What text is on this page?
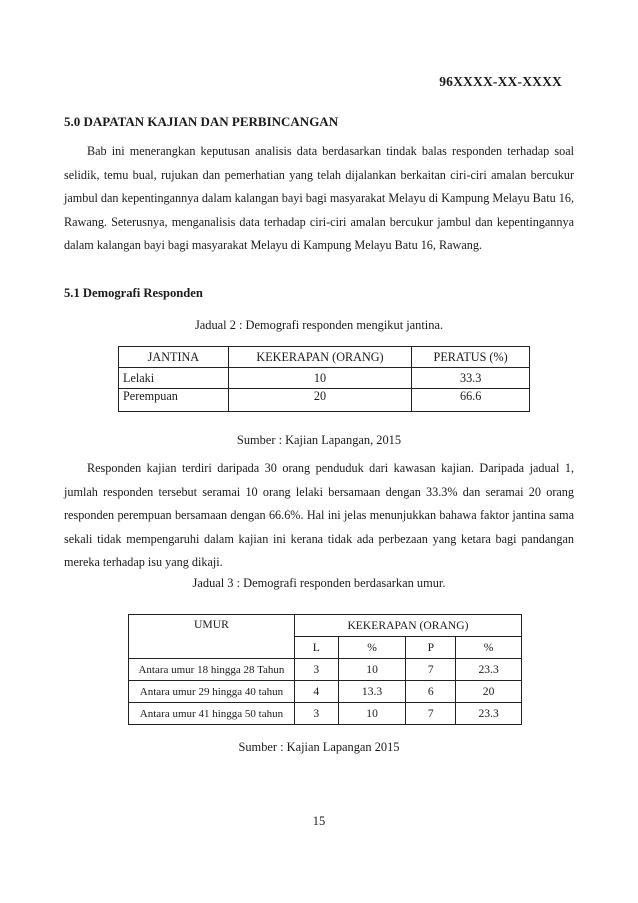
96XXXX-XX-XXXX
5.0 DAPATAN KAJIAN DAN PERBINCANGAN

Bab ini menerangkan keputusan analisis data berdasarkan tindak balas responden terhadap soal selidik, temu bual, rujukan dan pemerhatian yang telah dijalankan berkaitan ciri-ciri amalan bercukur jambul dan kepentingannya dalam kalangan bayi bagi masyarakat Melayu di Kampung Melayu Batu 16, Rawang. Seterusnya, menganalisis data terhadap ciri-ciri amalan bercukur jambul dan kepentingannya dalam kalangan bayi bagi masyarakat Melayu di Kampung Melayu Batu 16, Rawang.

5.1 Demografi Responden
Jadual 2 : Demografi responden mengikut jantina.
JANTINA	KEKERAPAN (ORANG)	PERATUS (%)
Lelaki	10	33.3
Perempuan	20	66.6
Sumber : Kajian Lapangan, 2015

Responden kajian terdiri daripada 30 orang penduduk dari kawasan kajian. Daripada jadual 1, jumlah responden tersebut seramai 10 orang lelaki bersamaan dengan 33.3% dan seramai 20 orang responden perempuan bersamaan dengan 66.6%. Hal ini jelas menunjukkan bahawa faktor jantina sama sekali tidak mempengaruhi dalam kajian ini kerana tidak ada perbezaan yang ketara bagi pandangan mereka terhadap isu yang dikaji.

Jadual 3 : Demografi responden berdasarkan umur.
UMUR	KEKERAPAN (ORANG)			
	L	%	P	%
Antara umur 18 hingga 28 Tahun	3	10	7	23.3
Antara umur 29 hingga 40 tahun	4	13.3	6	20
Antara umur 41 hingga 50 tahun	3	10	7	23.3
Sumber : Kajian Lapangan 2015
15
